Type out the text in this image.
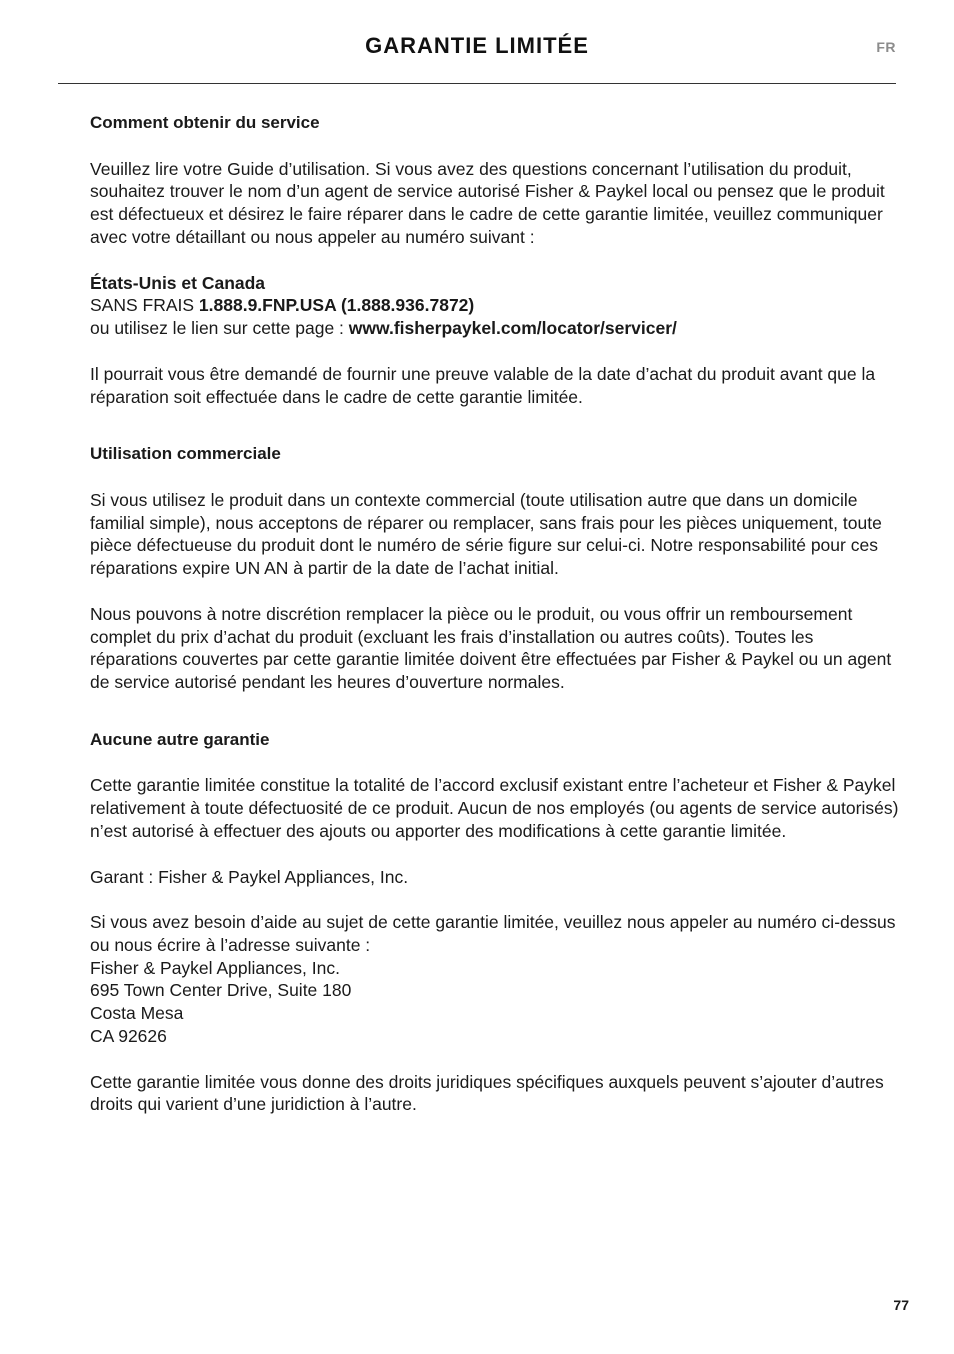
GARANTIE LIMITÉE	FR
Comment obtenir du service

Veuillez lire votre Guide d’utilisation. Si vous avez des questions concernant l’utilisation du produit, souhaitez trouver le nom d’un agent de service autorisé Fisher & Paykel local ou pensez que le produit est défectueux et désirez le faire réparer dans le cadre de cette garantie limitée, veuillez communiquer avec votre détaillant ou nous appeler au numéro suivant :

États-Unis et Canada
SANS FRAIS 1.888.9.FNP.USA (1.888.936.7872)
ou utilisez le lien sur cette page : www.fisherpaykel.com/locator/servicer/

Il pourrait vous être demandé de fournir une preuve valable de la date d’achat du produit avant que la réparation soit effectuée dans le cadre de cette garantie limitée.

Utilisation commerciale

Si vous utilisez le produit dans un contexte commercial (toute utilisation autre que dans un domicile familial simple), nous acceptons de réparer ou remplacer, sans frais pour les pièces uniquement, toute pièce défectueuse du produit dont le numéro de série figure sur celui-ci. Notre responsabilité pour ces réparations expire UN AN à partir de la date de l’achat initial.

Nous pouvons à notre discrétion remplacer la pièce ou le produit, ou vous offrir un remboursement complet du prix d’achat du produit (excluant les frais d’installation ou autres coûts). Toutes les réparations couvertes par cette garantie limitée doivent être effectuées par Fisher & Paykel ou un agent de service autorisé pendant les heures d’ouverture normales.

Aucune autre garantie

Cette garantie limitée constitue la totalité de l’accord exclusif existant entre l’acheteur et Fisher & Paykel relativement à toute défectuosité de ce produit. Aucun de nos employés (ou agents de service autorisés) n’est autorisé à effectuer des ajouts ou apporter des modifications à cette garantie limitée.

Garant : Fisher & Paykel Appliances, Inc.

Si vous avez besoin d’aide au sujet de cette garantie limitée, veuillez nous appeler au numéro ci-dessus ou nous écrire à l’adresse suivante :
Fisher & Paykel Appliances, Inc.
695 Town Center Drive, Suite 180
Costa Mesa
CA 92626

Cette garantie limitée vous donne des droits juridiques spécifiques auxquels peuvent s’ajouter d’autres droits qui varient d’une juridiction à l’autre.

77
